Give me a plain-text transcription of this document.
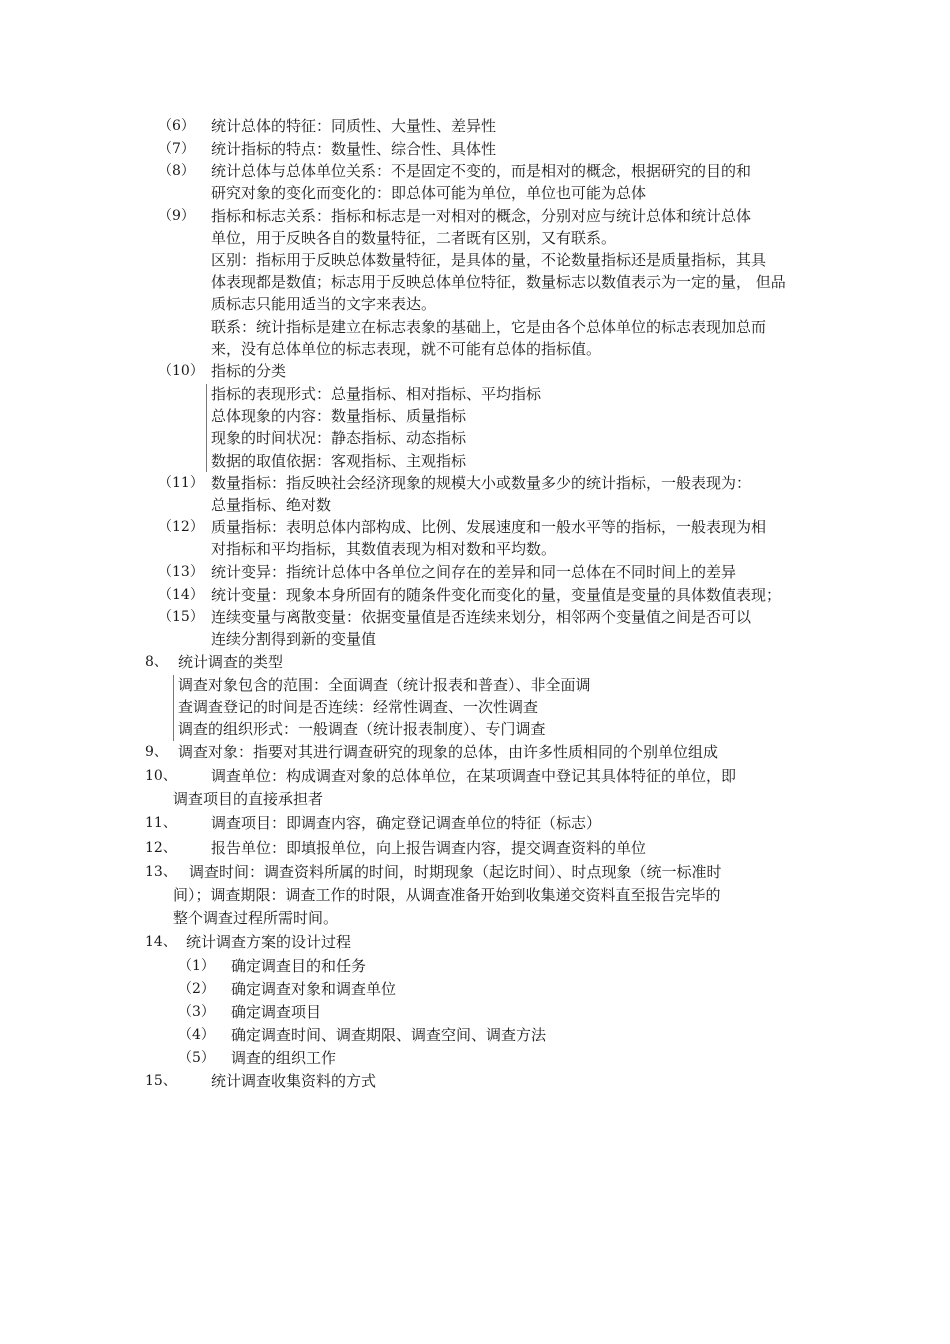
（6） 统计总体的特征：同质性、大量性、差异性
（7） 统计指标的特点：数量性、综合性、具体性
（8） 统计总体与总体单位关系：不是固定不变的，而是相对的概念，根据研究的目的和
研究对象的变化而变化的：即总体可能为单位，单位也可能为总体
（9） 指标和标志关系：指标和标志是一对相对的概念，分别对应与统计总体和统计总体
单位，用于反映各自的数量特征，二者既有区别，又有联系。
区别：指标用于反映总体数量特征，是具体的量，不论数量指标还是质量指标，其具
体表现都是数值；标志用于反映总体单位特征，数量标志以数值表示为一定的量， 但品
质标志只能用适当的文字来表达。
联系：统计指标是建立在标志表象的基础上，它是由各个总体单位的标志表现加总而
来，没有总体单位的标志表现，就不可能有总体的指标值。
（10） 指标的分类
指标的表现形式：总量指标、相对指标、平均指标
总体现象的内容：数量指标、质量指标
现象的时间状况：静态指标、动态指标
数据的取值依据：客观指标、主观指标
（11） 数量指标：指反映社会经济现象的规模大小或数量多少的统计指标，一般表现为：
总量指标、绝对数
（12） 质量指标：表明总体内部构成、比例、发展速度和一般水平等的指标，一般表现为相
对指标和平均指标，其数值表现为相对数和平均数。
（13） 统计变异：指统计总体中各单位之间存在的差异和同一总体在不同时间上的差异
（14） 统计变量：现象本身所固有的随条件变化而变化的量，变量值是变量的具体数值表现；
（15） 连续变量与离散变量：依据变量值是否连续来划分，相邻两个变量值之间是否可以
连续分割得到新的变量值
8、 统计调查的类型
调查对象包含的范围：全面调查（统计报表和普查）、非全面调
查调查登记的时间是否连续：经常性调查、一次性调查
调查的组织形式：一般调查（统计报表制度）、专门调查
9、 调查对象：指要对其进行调查研究的现象的总体，由许多性质相同的个别单位组成
10、 调查单位：构成调查对象的总体单位，在某项调查中登记其具体特征的单位，即
调查项目的直接承担者
11、 调查项目：即调查内容，确定登记调查单位的特征（标志）
12、 报告单位：即填报单位，向上报告调查内容，提交调查资料的单位
13、 调查时间：调查资料所属的时间，时期现象（起讫时间）、时点现象（统一标准时
间）；调查期限：调查工作的时限，从调查准备开始到收集递交资料直至报告完毕的
整个调查过程所需时间。
14、 统计调查方案的设计过程
（1） 确定调查目的和任务
（2） 确定调查对象和调查单位
（3） 确定调查项目
（4） 确定调查时间、调查期限、调查空间、调查方法
（5） 调查的组织工作
15、 统计调查收集资料的方式
